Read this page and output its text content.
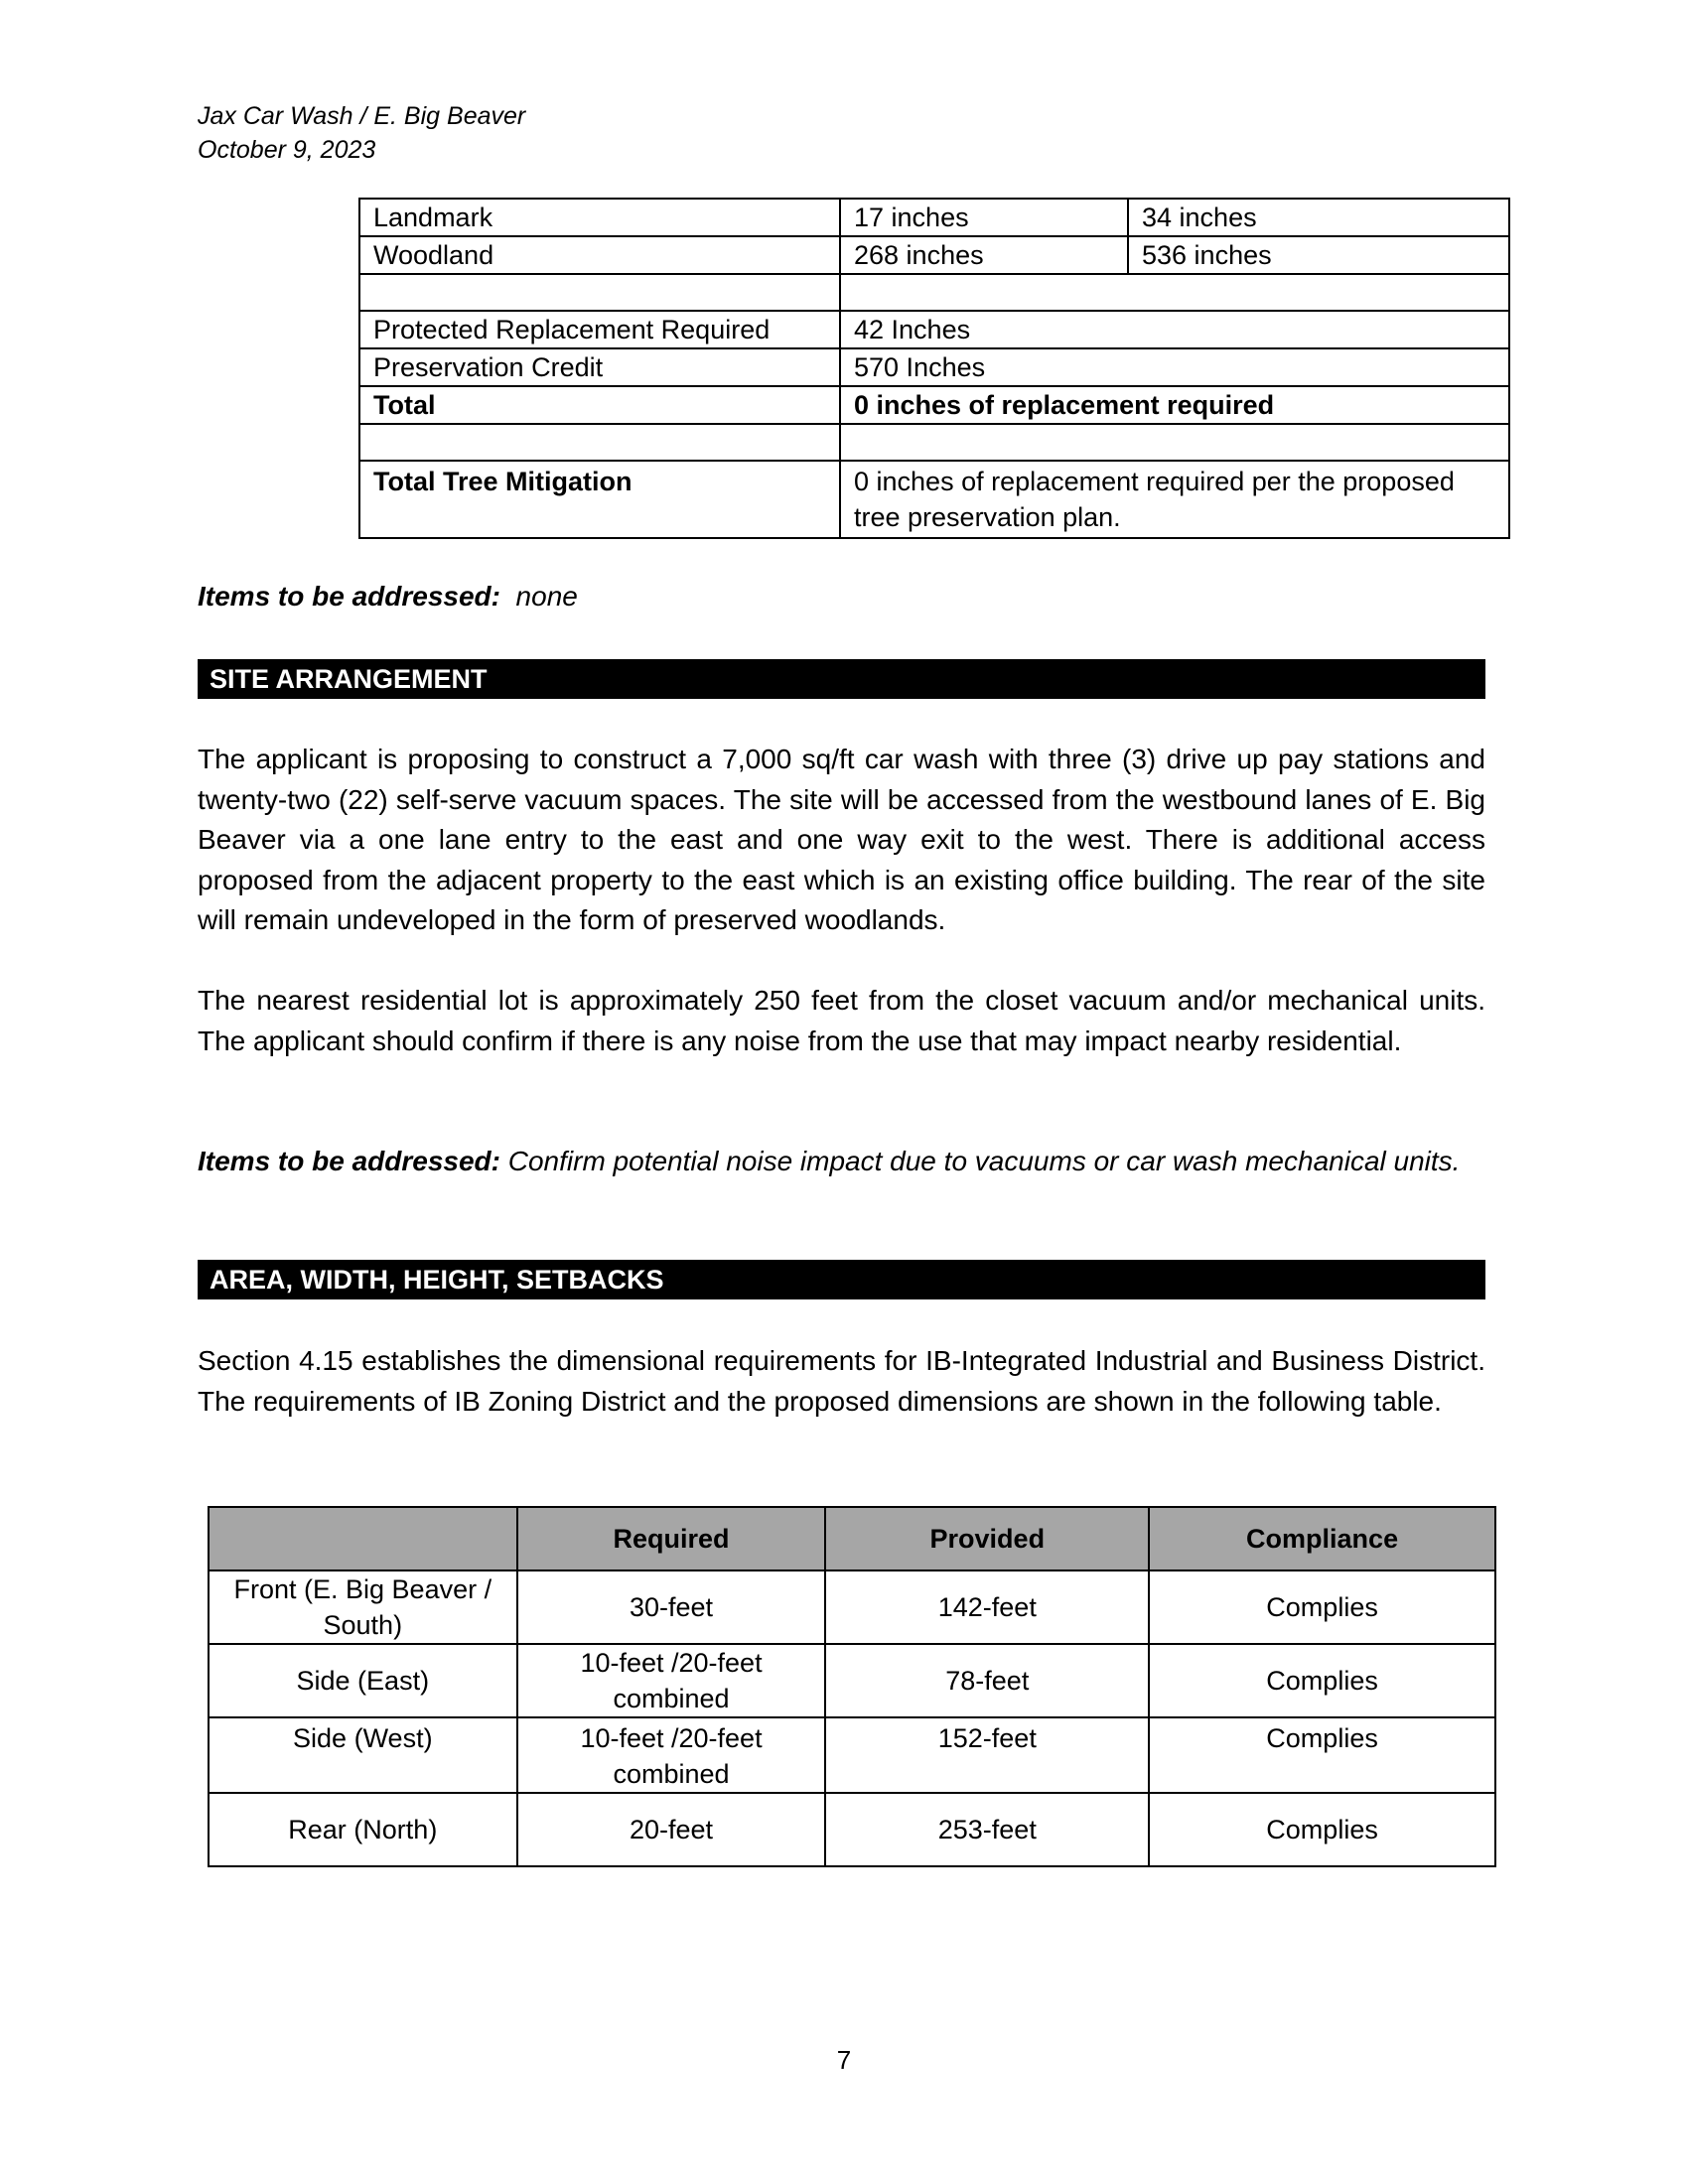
Jax Car Wash / E. Big Beaver
October 9, 2023
Landmark	17 inches	34 inches
Woodland	268 inches	536 inches

Protected Replacement Required	42 Inches	
Preservation Credit	570 Inches	
Total	0 inches of replacement required	

Total Tree Mitigation	0 inches of replacement required per the proposed tree preservation plan.	
Items to be addressed: none
SITE ARRANGEMENT
The applicant is proposing to construct a 7,000 sq/ft car wash with three (3) drive up pay stations and twenty-two (22) self-serve vacuum spaces. The site will be accessed from the westbound lanes of E. Big Beaver via a one lane entry to the east and one way exit to the west. There is additional access proposed from the adjacent property to the east which is an existing office building. The rear of the site will remain undeveloped in the form of preserved woodlands.
The nearest residential lot is approximately 250 feet from the closet vacuum and/or mechanical units. The applicant should confirm if there is any noise from the use that may impact nearby residential.
Items to be addressed: Confirm potential noise impact due to vacuums or car wash mechanical units.
AREA, WIDTH, HEIGHT, SETBACKS
Section 4.15 establishes the dimensional requirements for IB-Integrated Industrial and Business District. The requirements of IB Zoning District and the proposed dimensions are shown in the following table.
	Required	Provided	Compliance
Front (E. Big Beaver / South)	30-feet	142-feet	Complies
Side (East)	10-feet /20-feet combined	78-feet	Complies
Side (West)	10-feet /20-feet combined	152-feet	Complies
Rear (North)	20-feet	253-feet	Complies
7
